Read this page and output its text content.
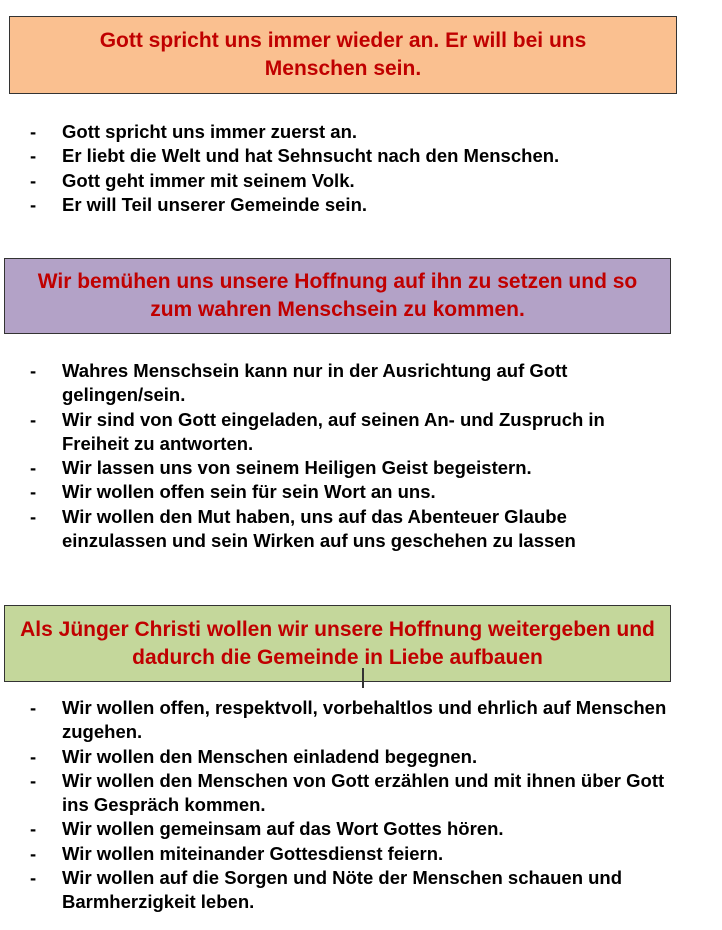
Gott spricht uns immer wieder an. Er will bei uns Menschen sein.
-	Gott spricht uns immer zuerst an.
-	Er liebt die Welt und hat Sehnsucht nach den Menschen.
-	Gott geht immer mit seinem Volk.
-	Er will Teil unserer Gemeinde sein.
Wir bemühen uns unsere Hoffnung auf ihn zu setzen und so zum wahren Menschsein zu kommen.
-	Wahres Menschsein kann nur in der Ausrichtung auf Gott gelingen/sein.
-	Wir sind von Gott eingeladen, auf seinen An- und Zuspruch in Freiheit zu antworten.
-	Wir lassen uns von seinem Heiligen Geist begeistern.
-	Wir wollen offen sein für sein Wort an uns.
-	Wir wollen den Mut haben, uns auf das Abenteuer Glaube einzulassen und sein Wirken auf uns geschehen zu lassen
Als Jünger Christi wollen wir unsere Hoffnung weitergeben und dadurch die Gemeinde in Liebe aufbauen
-	Wir wollen offen, respektvoll, vorbehaltlos und ehrlich auf Menschen zugehen.
-	Wir wollen den Menschen einladend begegnen.
-	Wir wollen den Menschen von Gott erzählen und mit ihnen über Gott ins Gespräch kommen.
-	Wir wollen gemeinsam auf das Wort Gottes hören.
-	Wir wollen miteinander Gottesdienst feiern.
-	Wir wollen auf die Sorgen und Nöte der Menschen schauen und Barmherzigkeit leben.
